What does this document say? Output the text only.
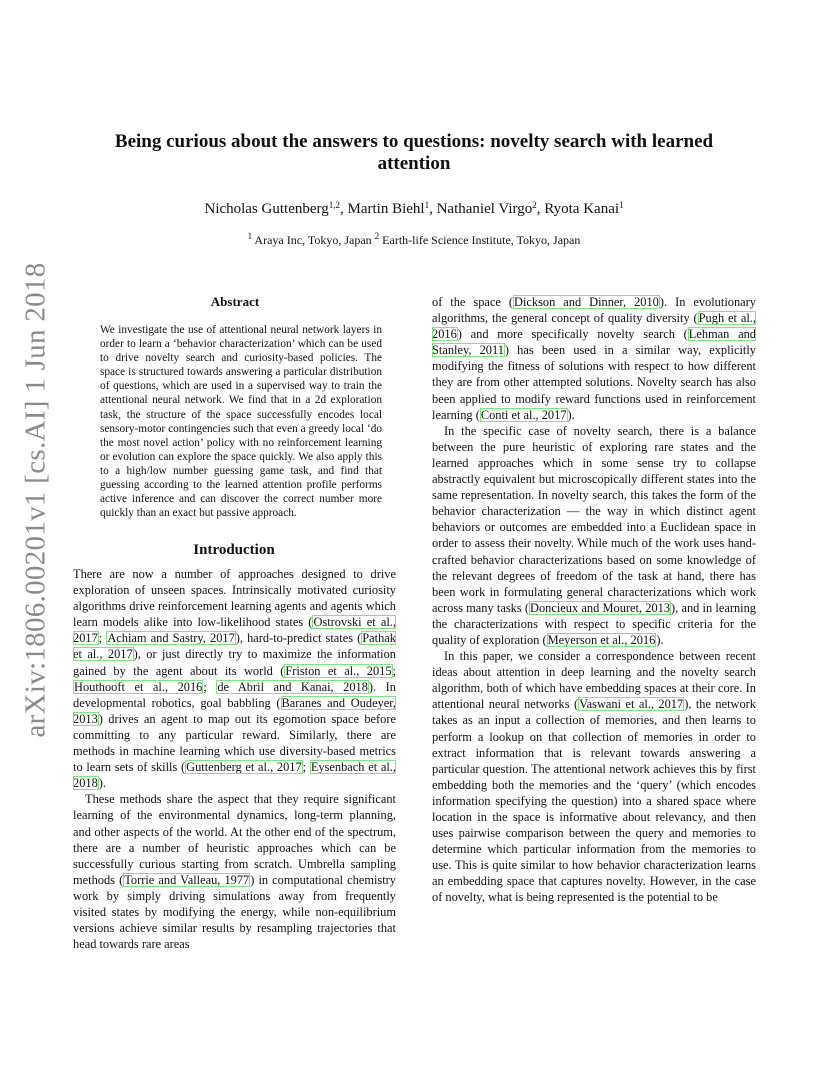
arXiv:1806.00201v1 [cs.AI] 1 Jun 2018
Being curious about the answers to questions: novelty search with learned attention
Nicholas Guttenberg$^{1,2}$, Martin Biehl$^1$, Nathaniel Virgo$^2$, Ryota Kanai$^1$
$^1$ Araya Inc, Tokyo, Japan $^2$ Earth-life Science Institute, Tokyo, Japan
Abstract
We investigate the use of attentional neural network layers in order to learn a ‘behavior characterization’ which can be used to drive novelty search and curiosity-based policies. The space is structured towards answering a particular distribution of questions, which are used in a supervised way to train the attentional neural network. We find that in a 2d exploration task, the structure of the space successfully encodes local sensory-motor contingencies such that even a greedy local ‘do the most novel action’ policy with no reinforcement learning or evolution can explore the space quickly. We also apply this to a high/low number guessing game task, and find that guessing according to the learned attention profile performs active inference and can discover the correct number more quickly than an exact but passive approach.
Introduction

There are now a number of approaches designed to drive exploration of unseen spaces. Intrinsically motivated curiosity algorithms drive reinforcement learning agents and agents which learn models alike into low-likelihood states (Ostrovski et al., 2017; Achiam and Sastry, 2017), hard-to-predict states (Pathak et al., 2017), or just directly try to maximize the information gained by the agent about its world (Friston et al., 2015; Houthooft et al., 2016; de Abril and Kanai, 2018). In developmental robotics, goal babbling (Baranes and Oudeyer, 2013) drives an agent to map out its egomotion space before committing to any particular reward. Similarly, there are methods in machine learning which use diversity-based metrics to learn sets of skills (Guttenberg et al., 2017; Eysenbach et al., 2018).

These methods share the aspect that they require significant learning of the environmental dynamics, long-term planning, and other aspects of the world. At the other end of the spectrum, there are a number of heuristic approaches which can be successfully curious starting from scratch. Umbrella sampling methods (Torrie and Valleau, 1977) in computational chemistry work by simply driving simulations away from frequently visited states by modifying the energy, while non-equilibrium versions achieve similar results by resampling trajectories that head towards rare areas

of the space (Dickson and Dinner, 2010). In evolutionary algorithms, the general concept of quality diversity (Pugh et al., 2016) and more specifically novelty search (Lehman and Stanley, 2011) has been used in a similar way, explicitly modifying the fitness of solutions with respect to how different they are from other attempted solutions. Novelty search has also been applied to modify reward functions used in reinforcement learning (Conti et al., 2017).

In the specific case of novelty search, there is a balance between the pure heuristic of exploring rare states and the learned approaches which in some sense try to collapse abstractly equivalent but microscopically different states into the same representation. In novelty search, this takes the form of the behavior characterization — the way in which distinct agent behaviors or outcomes are embedded into a Euclidean space in order to assess their novelty. While much of the work uses hand-crafted behavior characterizations based on some knowledge of the relevant degrees of freedom of the task at hand, there has been work in formulating general characterizations which work across many tasks (Doncieux and Mouret, 2013), and in learning the characterizations with respect to specific criteria for the quality of exploration (Meyerson et al., 2016).

In this paper, we consider a correspondence between recent ideas about attention in deep learning and the novelty search algorithm, both of which have embedding spaces at their core. In attentional neural networks (Vaswani et al., 2017), the network takes as an input a collection of memories, and then learns to perform a lookup on that collection of memories in order to extract information that is relevant towards answering a particular question. The attentional network achieves this by first embedding both the memories and the ‘query’ (which encodes information specifying the question) into a shared space where location in the space is informative about relevancy, and then uses pairwise comparison between the query and memories to determine which particular information from the memories to use. This is quite similar to how behavior characterization learns an embedding space that captures novelty. However, in the case of novelty, what is being represented is the potential to be
